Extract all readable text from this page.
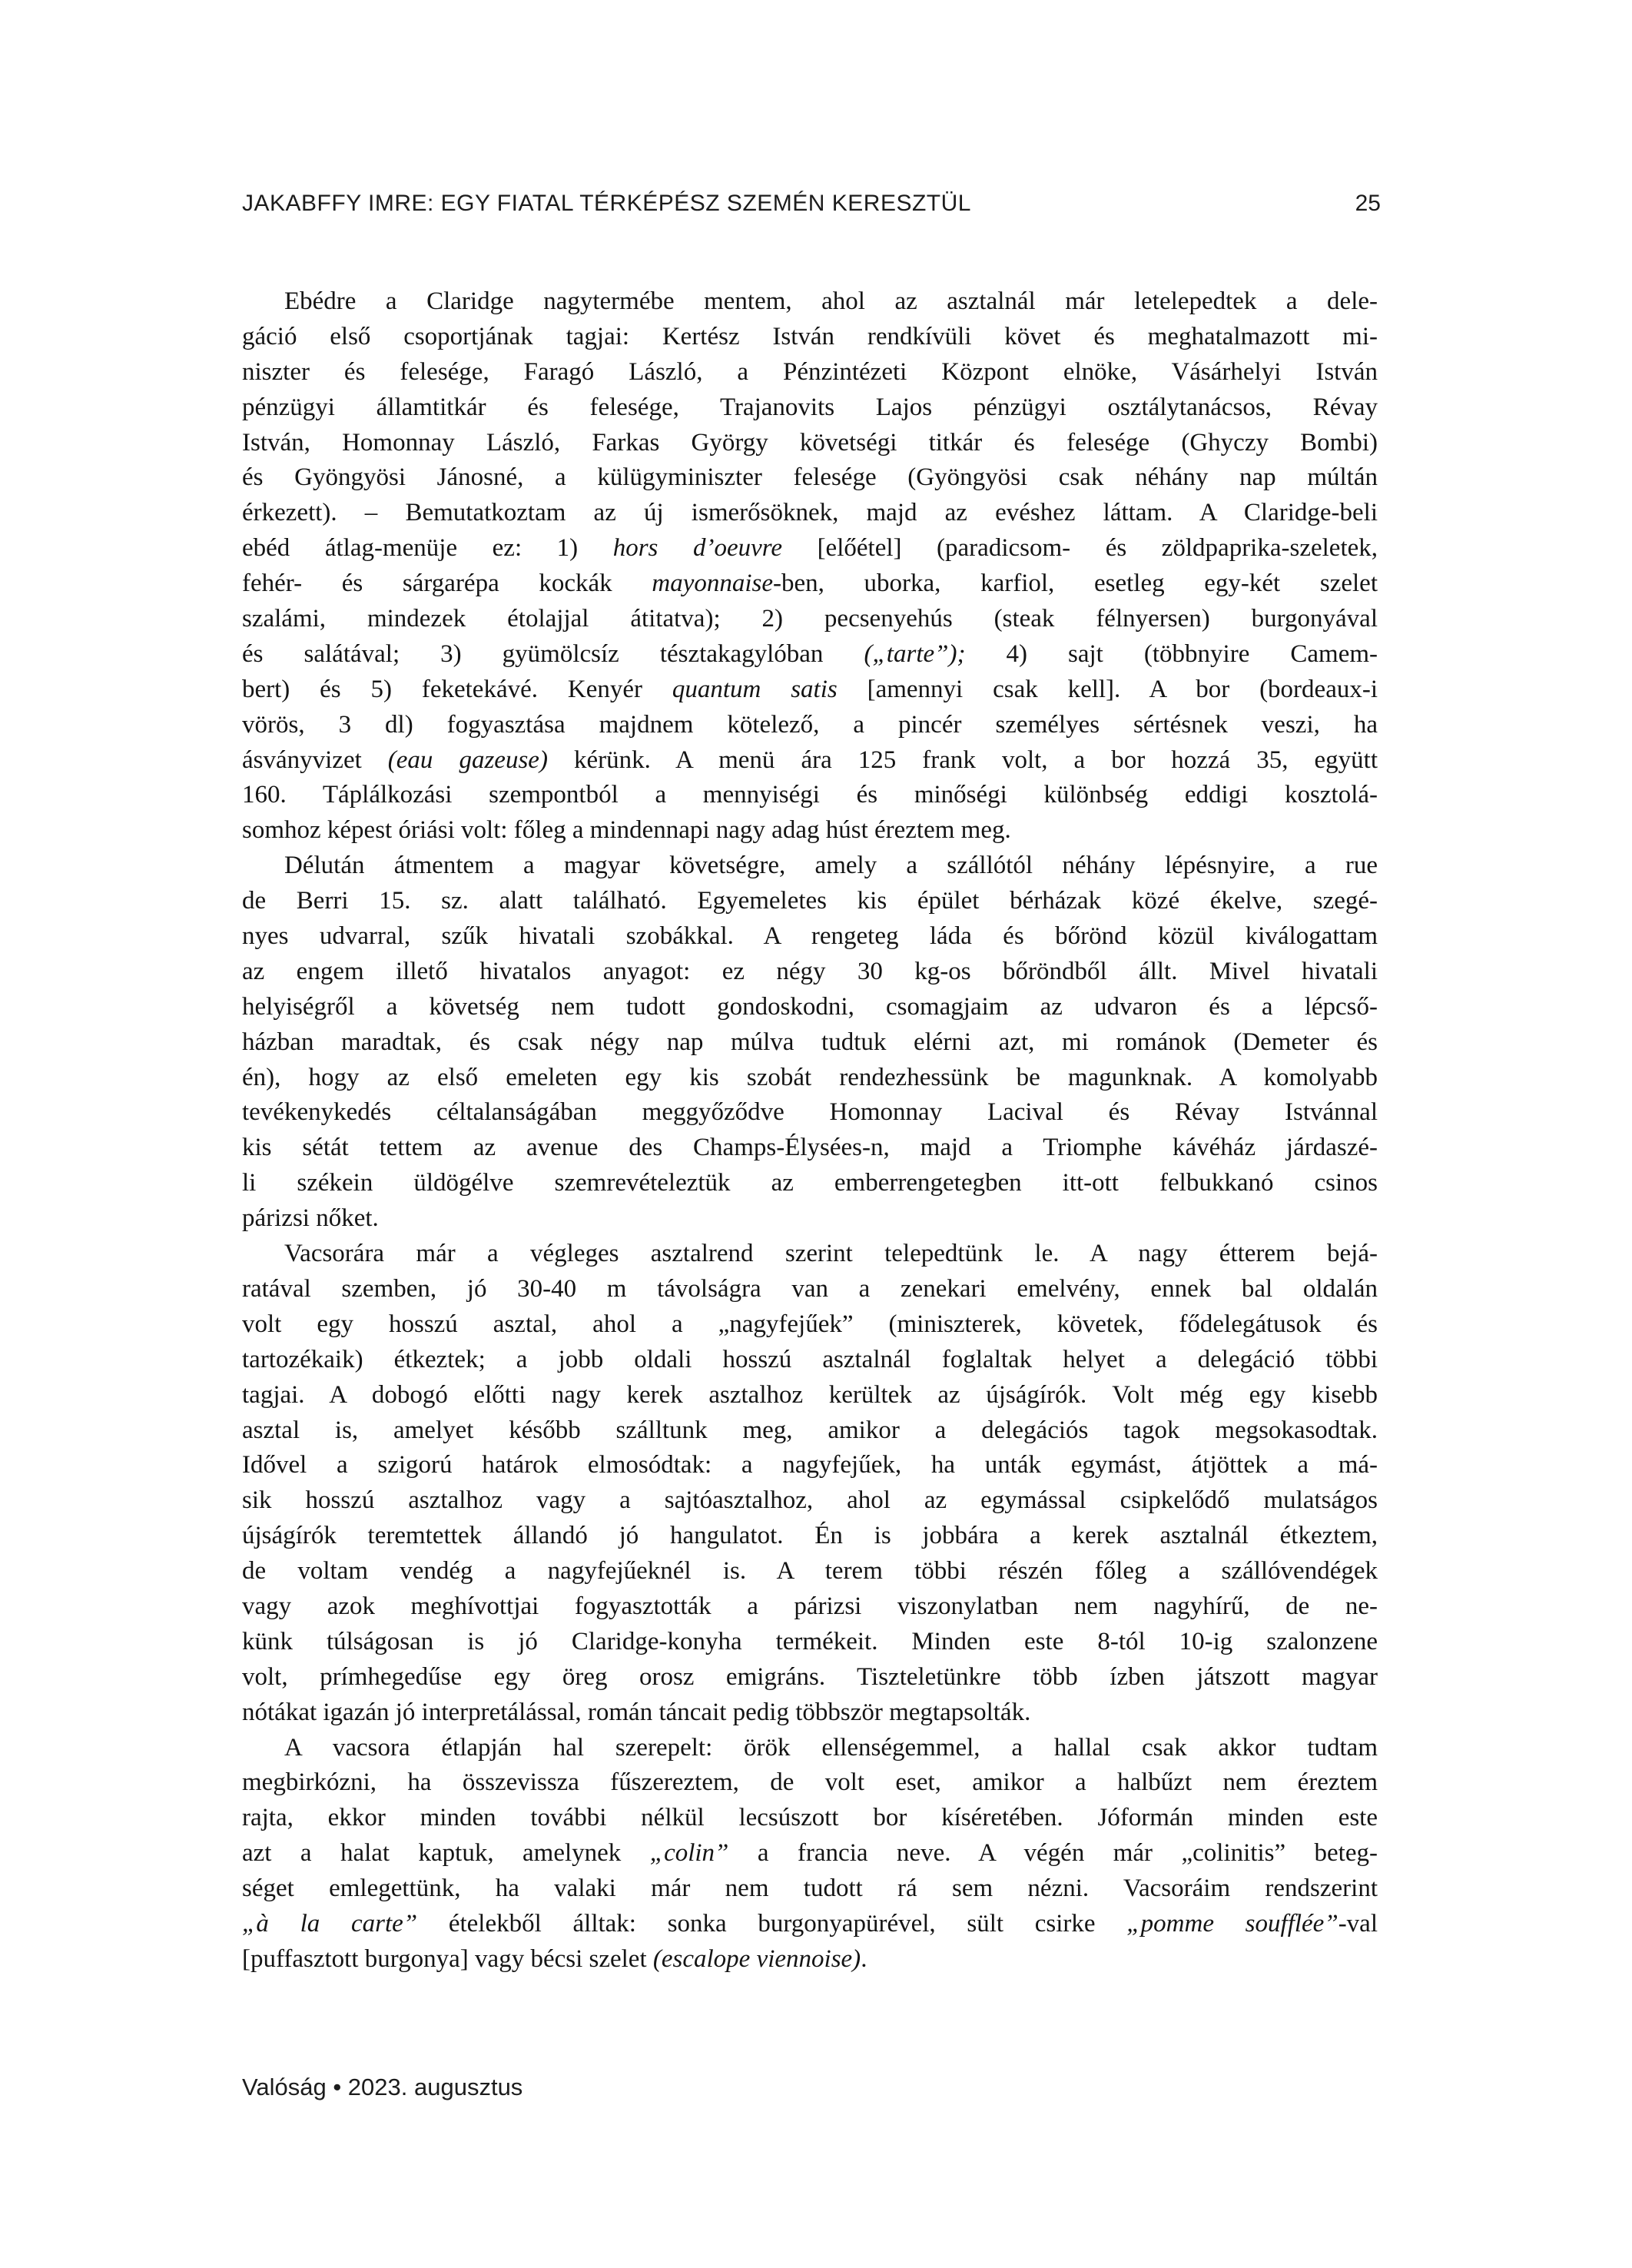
JAKABFFY IMRE: EGY FIATAL TÉRKÉPÉSZ SZEMÉN KERESZTÜL	25
Ebédre a Claridge nagytermébe mentem, ahol az asztalnál már letelepedtek a dele-
gáció első csoportjának tagjai: Kertész István rendkívüli követ és meghatalmazott mi-
niszter és felesége, Faragó László, a Pénzintézeti Központ elnöke, Vásárhelyi István
pénzügyi államtitkár és felesége, Trajanovits Lajos pénzügyi osztálytanácsos, Révay
István, Homonnay László, Farkas György követségi titkár és felesége (Ghyczy Bombi)
és Gyöngyösi Jánosné, a külügyminiszter felesége (Gyöngyösi csak néhány nap múltán
érkezett). – Bemutatkoztam az új ismerősöknek, majd az evéshez láttam. A Claridge-beli
ebéd átlag-menüje ez: 1) hors d’oeuvre [előétel] (paradicsom- és zöldpaprika-szeletek,
fehér- és sárgarépa kockák mayonnaise-ben, uborka, karfiol, esetleg egy-két szelet
szalámi, mindezek étolajjal átitatva); 2) pecsenyehús (steak félnyersen) burgonyával
és salátával; 3) gyümölcsíz tésztakagylóban („tarte”); 4) sajt (többnyire Camem-
bert) és 5) feketekávé. Kenyér quantum satis [amennyi csak kell]. A bor (bordeaux-i
vörös, 3 dl) fogyasztása majdnem kötelező, a pincér személyes sértésnek veszi, ha
ásványvizet (eau gazeuse) kérünk. A menü ára 125 frank volt, a bor hozzá 35, együtt
160. Táplálkozási szempontból a mennyiségi és minőségi különbség eddigi kosztolá-
somhoz képest óriási volt: főleg a mindennapi nagy adag húst éreztem meg.
Délután átmentem a magyar követségre, amely a szállótól néhány lépésnyire, a rue
de Berri 15. sz. alatt található. Egyemeletes kis épület bérházak közé ékelve, szegé-
nyes udvarral, szűk hivatali szobákkal. A rengeteg láda és bőrönd közül kiválogattam
az engem illető hivatalos anyagot: ez négy 30 kg-os bőröndből állt. Mivel hivatali
helyiségről a követség nem tudott gondoskodni, csomagjaim az udvaron és a lépcső-
házban maradtak, és csak négy nap múlva tudtuk elérni azt, mi románok (Demeter és
én), hogy az első emeleten egy kis szobát rendezhessünk be magunknak. A komolyabb
tevékenykedés céltalanságában meggyőződve Homonnay Lacival és Révay Istvánnal
kis sétát tettem az avenue des Champs-Élysées-n, majd a Triomphe kávéház járdaszé-
li székein üldögélve szemrevételeztük az emberrengetegben itt-ott felbukkanó csinos
párizsi nőket.
Vacsorára már a végleges asztalrend szerint telepedtünk le. A nagy étterem bejá-
ratával szemben, jó 30-40 m távolságra van a zenekari emelvény, ennek bal oldalán
volt egy hosszú asztal, ahol a „nagyfejűek” (miniszterek, követek, fődelegátusok és
tartozékaik) étkeztek; a jobb oldali hosszú asztalnál foglaltak helyet a delegáció többi
tagjai. A dobogó előtti nagy kerek asztalhoz kerültek az újságírók. Volt még egy kisebb
asztal is, amelyet később szálltunk meg, amikor a delegációs tagok megsokasodtak.
Idővel a szigorú határok elmosódtak: a nagyfejűek, ha unták egymást, átjöttek a má-
sik hosszú asztalhoz vagy a sajtóasztalhoz, ahol az egymással csipkelődő mulatságos
újságírók teremtettek állandó jó hangulatot. Én is jobbára a kerek asztalnál étkeztem,
de voltam vendég a nagyfejűeknél is. A terem többi részén főleg a szállóvendégek
vagy azok meghívottjai fogyasztották a párizsi viszonylatban nem nagyhírű, de ne-
künk túlságosan is jó Claridge-konyha termékeit. Minden este 8-tól 10-ig szalonzene
volt, prímhegedűse egy öreg orosz emigráns. Tiszteletünkre több ízben játszott magyar
nótákat igazán jó interpretálással, román táncait pedig többször megtapsolták.
A vacsora étlapján hal szerepelt: örök ellenségemmel, a hallal csak akkor tudtam
megbirkózni, ha összevissza fűszereztem, de volt eset, amikor a halbűzt nem éreztem
rajta, ekkor minden további nélkül lecsúszott bor kíséretében. Jóformán minden este
azt a halat kaptuk, amelynek „colin” a francia neve. A végén már „colinitis” beteg-
séget emlegettünk, ha valaki már nem tudott rá sem nézni. Vacsoráim rendszerint
„à la carte” ételekből álltak: sonka burgonyapürével, sült csirke „pomme soufflée”-val
[puffasztott burgonya] vagy bécsi szelet (escalope viennoise).
Valóság • 2023. augusztus
